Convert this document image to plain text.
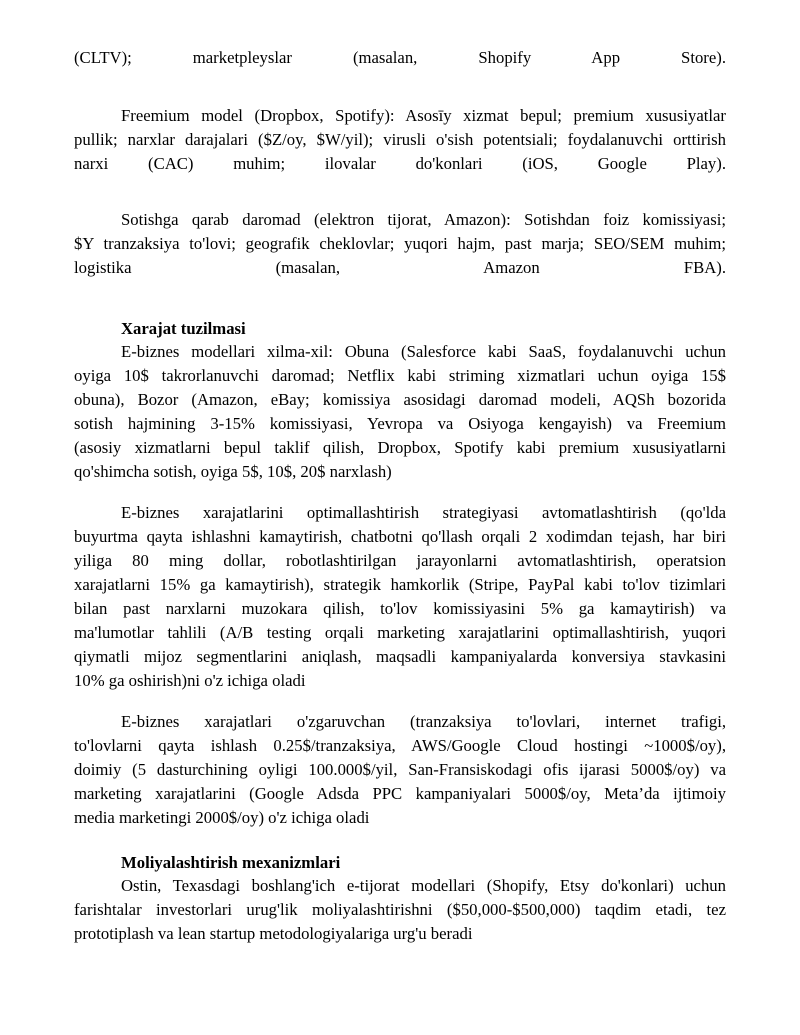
(CLTV); marketpleyslar (masalan, Shopify App Store).
Freemium model (Dropbox, Spotify): Asosīy xizmat bepul; premium xususiyatlar
pullik; narxlar darajalari ($Z/oy, $W/yil); virusli o'sish potentsiali; foydalanuvchi orttirish
narxi (CAC) muhim; ilovalar do'konlari (iOS, Google Play).
Sotishga qarab daromad (elektron tijorat, Amazon): Sotishdan foiz komissiyasi;
$Y tranzaksiya to'lovi; geografik cheklovlar; yuqori hajm, past marja; SEO/SEM muhim;
logistika (masalan, Amazon FBA).
Xarajat tuzilmasi
E-biznes modellari xilma-xil: Obuna (Salesforce kabi SaaS, foydalanuvchi uchun
oyiga 10$ takrorlanuvchi daromad; Netflix kabi striming xizmatlari uchun oyiga 15$
obuna), Bozor (Amazon, eBay; komissiya asosidagi daromad modeli, AQSh bozorida
sotish hajmining 3-15% komissiyasi, Yevropa va Osiyoga kengayish) va Freemium
(asosiy xizmatlarni bepul taklif qilish, Dropbox, Spotify kabi premium xususiyatlarni
qo'shimcha sotish, oyiga 5$, 10$, 20$ narxlash)
E-biznes xarajatlarini optimallashtirish strategiyasi avtomatlashtirish (qo'lda
buyurtma qayta ishlashni kamaytirish, chatbotni qo'llash orqali 2 xodimdan tejash, har biri
yiliga 80 ming dollar, robotlashtirilgan jarayonlarni avtomatlashtirish, operatsion
xarajatlarni 15% ga kamaytirish), strategik hamkorlik (Stripe, PayPal kabi to'lov tizimlari
bilan past narxlarni muzokara qilish, to'lov komissiyasini 5% ga kamaytirish) va
ma'lumotlar tahlili (A/B testing orqali marketing xarajatlarini optimallashtirish, yuqori
qiymatli mijoz segmentlarini aniqlash, maqsadli kampaniyalarda konversiya stavkasini
10% ga oshirish)ni o'z ichiga oladi
E-biznes xarajatlari o'zgaruvchan (tranzaksiya to'lovlari, internet trafigi,
to'lovlarni qayta ishlash 0.25$/tranzaksiya, AWS/Google Cloud hostingi ~1000$/oy),
doimiy (5 dasturchining oyligi 100.000$/yil, San-Fransiskodagi ofis ijarasi 5000$/oy) va
marketing xarajatlarini (Google Adsda PPC kampaniyalari 5000$/oy, Meta’da ijtimoiy
media marketingi 2000$/oy) o'z ichiga oladi
Moliyalashtirish mexanizmlari
Ostin, Texasdagi boshlang'ich e-tijorat modellari (Shopify, Etsy do'konlari) uchun
farishtalar investorlari urug'lik moliyalashtirishni ($50,000-$500,000) taqdim etadi, tez
prototiplash va lean startup metodologiyalariga urg'u beradi
